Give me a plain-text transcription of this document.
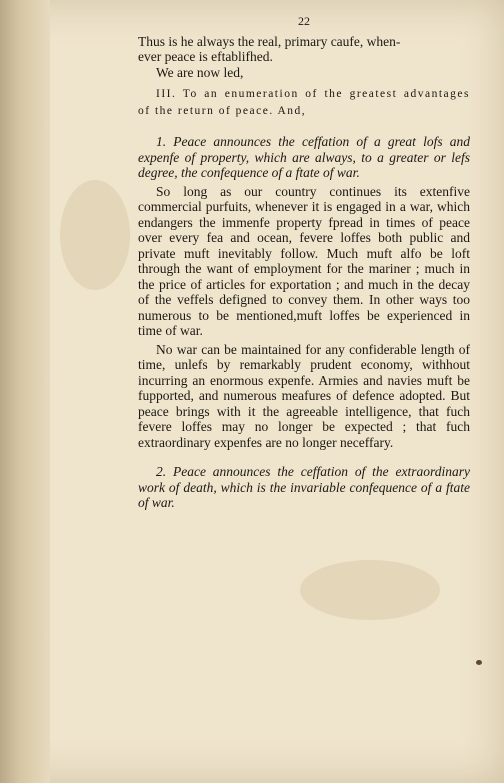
22

Thus is he always the real, primary caufe, when-

ever peace is eftablifhed.

We are now led,

III. To an enumeration of the greatest advantages of the return of peace. And,

1. Peace announces the ceffation of a great lofs and expenfe of property, which are always, to a greater or lefs degree, the confequence of a ftate of war.

So long as our country continues its extenfive commercial purfuits, whenever it is engaged in a war, which endangers the immenfe property fpread in times of peace over every fea and ocean, fevere loffes both public and private muft inevitably follow. Much muft alfo be loft through the want of employment for the mariner ; much in the price of articles for exportation ; and much in the decay of the veffels defigned to convey them. In other ways too numerous to be mentioned,muft loffes be experienced in time of war.

No war can be maintained for any confiderable length of time, unlefs by remarkably prudent economy, withhout incurring an enormous expenfe. Armies and navies muft be fupported, and numerous meafures of defence adopted. But peace brings with it the agreeable intelligence, that fuch fevere loffes may no longer be expected ; that fuch extraordinary expenfes are no longer neceffary.

2. Peace announces the ceffation of the extraordinary work of death, which is the invariable confequence of a ftate of war.
